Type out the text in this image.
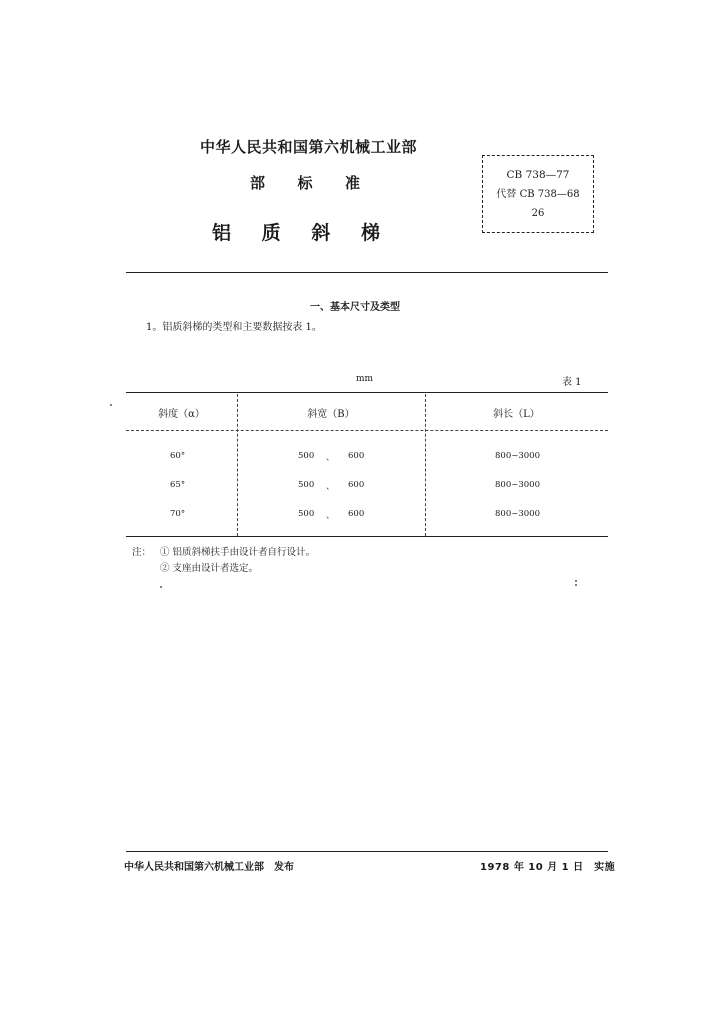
中华人民共和国第六机械工业部
部 标 准
铝 质 斜 梯
CB 738—77
代替 CB 738—68
26
一、基本尺寸及类型
1。铝质斜梯的类型和主要数据按表 1。
mm	表 1
斜度（α）	斜宽（B）	斜长（L）
60°	500 、 600	800~3000
65°	500 、 600	800~3000
70°	500 、 600	800~3000
注： ① 铝质斜梯扶手由设计者自行设计。
② 支座由设计者选定。
中华人民共和国第六机械工业部　发布	1978 年 10 月 1 日　实施
